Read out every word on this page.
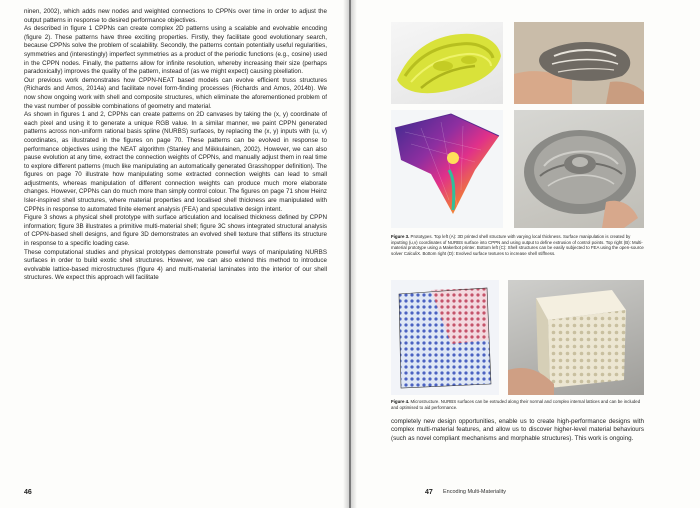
ninen, 2002), which adds new nodes and weighted connections to CPPNs over time in order to adjust the output patterns in response to desired performance objectives.

As described in figure 1 CPPNs can create complex 2D patterns using a scalable and evolvable encoding (figure 2). These patterns have three exciting properties. Firstly, they facilitate good evolutionary search, because CPPNs solve the problem of scalability. Secondly, the patterns contain potentially useful regularities, symmetries and (interestingly) imperfect symmetries as a product of the periodic functions (e.g., cosine) used in the CPPN nodes. Finally, the patterns allow for infinite resolution, whereby increasing their size (perhaps paradoxically) improves the quality of the pattern, instead of (as we might expect) causing pixellation.

Our previous work demonstrates how CPPN-NEAT based models can evolve efficient truss structures (Richards and Amos, 2014a) and facilitate novel form-finding processes (Richards and Amos, 2014b). We now show ongoing work with shell and composite structures, which eliminate the aforementioned problem of the vast number of possible combinations of geometry and material.

As shown in figures 1 and 2, CPPNs can create patterns on 2D canvases by taking the (x, y) coordinate of each pixel and using it to generate a unique RGB value. In a similar manner, we paint CPPN generated patterns across non-uniform rational basis spline (NURBS) surfaces, by replacing the (x, y) inputs with (u, v) coordinates, as illustrated in the figures on page 70. These patterns can be evolved in response to performance objectives using the NEAT algorithm (Stanley and Miikkulainen, 2002). However, we can also pause evolution at any time, extract the connection weights of CPPNs, and manually adjust them in real time to explore different patterns (much like manipulating an automatically generated Grasshopper definition). The figures on page 70 illustrate how manipulating some extracted connection weights can lead to small adjustments, whereas manipulation of different connection weights can produce much more elaborate changes. However, CPPNs can do much more than simply control colour. The figures on page 71 show Heinz Isler-inspired shell structures, where material properties and localised shell thickness are manipulated with CPPNs in response to automated finite element analysis (FEA) and speculative design intent.

Figure 3 shows a physical shell prototype with surface articulation and localised thickness defined by CPPN information; figure 3B illustrates a primitive multi-material shell; figure 3C shows integrated structural analysis of CPPN-based shell designs, and figure 3D demonstrates an evolved shell texture that stiffens its structure in response to a specific loading case.

These computational studies and physical prototypes demonstrate powerful ways of manipulating NURBS surfaces in order to build exotic shell structures. However, we can also extend this method to introduce evolvable lattice-based microstructures (figure 4) and multi-material laminates into the interior of our shell structures. We expect this approach will facilitate

46
Figure 3. Prototypes. Top left (A): 3D printed shell structure with varying local thickness. Surface manipulation is created by inputting (u,v) coordinates of NURBS surface into CPPN and using output to define extrusion of control points. Top right (B): Multi-material prototype using a Makerbot printer. Bottom left (C): Shell structures can be easily subjected to FEA using the open-source solver CalculiX. Bottom right (D): Evolved surface textures to increase shell stiffness.
Figure 4. Microstructure. NURBS surfaces can be extruded along their normal and complex internal lattices and can be included and optimised to aid performance.

completely new design opportunities, enable us to create high-performance designs with complex multi-material features, and allow us to discover higher-level material behaviours (such as novel compliant mechanisms and morphable structures). This work is ongoing.

47 Encoding Multi-Materiality
